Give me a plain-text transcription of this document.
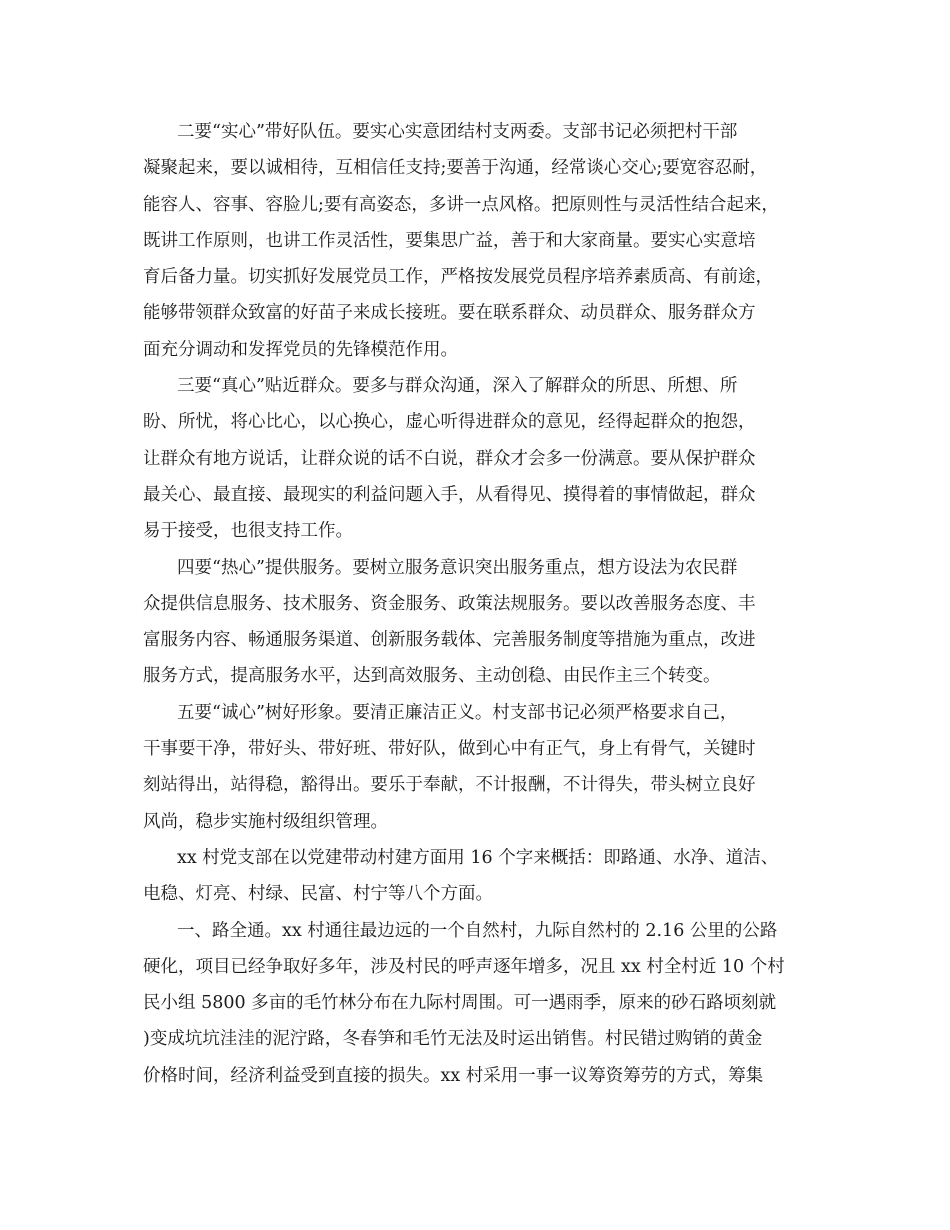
二要“实心”带好队伍。要实心实意团结村支两委。支部书记必须把村干部
凝聚起来，要以诚相待，互相信任支持;要善于沟通，经常谈心交心;要宽容忍耐，
能容人、容事、容脸儿;要有高姿态，多讲一点风格。把原则性与灵活性结合起来，
既讲工作原则，也讲工作灵活性，要集思广益，善于和大家商量。要实心实意培
育后备力量。切实抓好发展党员工作，严格按发展党员程序培养素质高、有前途，
能够带领群众致富的好苗子来成长接班。要在联系群众、动员群众、服务群众方
面充分调动和发挥党员的先锋模范作用。
三要“真心”贴近群众。要多与群众沟通，深入了解群众的所思、所想、所
盼、所忧，将心比心，以心换心，虚心听得进群众的意见，经得起群众的抱怨，
让群众有地方说话，让群众说的话不白说，群众才会多一份满意。要从保护群众
最关心、最直接、最现实的利益问题入手，从看得见、摸得着的事情做起，群众
易于接受，也很支持工作。
四要“热心”提供服务。要树立服务意识突出服务重点，想方设法为农民群
众提供信息服务、技术服务、资金服务、政策法规服务。要以改善服务态度、丰
富服务内容、畅通服务渠道、创新服务载体、完善服务制度等措施为重点，改进
服务方式，提高服务水平，达到高效服务、主动创稳、由民作主三个转变。
五要“诚心”树好形象。要清正廉洁正义。村支部书记必须严格要求自己，
干事要干净，带好头、带好班、带好队，做到心中有正气，身上有骨气，关键时
刻站得出，站得稳，豁得出。要乐于奉献，不计报酬，不计得失，带头树立良好
风尚，稳步实施村级组织管理。
xx 村党支部在以党建带动村建方面用 16 个字来概括：即路通、水净、道洁、
电稳、灯亮、村绿、民富、村宁等八个方面。
一、路全通。xx 村通往最边远的一个自然村，九际自然村的 2.16 公里的公路
硬化，项目已经争取好多年，涉及村民的呼声逐年增多，况且 xx 村全村近 10 个村
民小组 5800 多亩的毛竹林分布在九际村周围。可一遇雨季，原来的砂石路顷刻就
)变成坑坑洼洼的泥泞路，冬春笋和毛竹无法及时运出销售。村民错过购销的黄金
价格时间，经济利益受到直接的损失。xx 村采用一事一议筹资筹劳的方式，筹集
